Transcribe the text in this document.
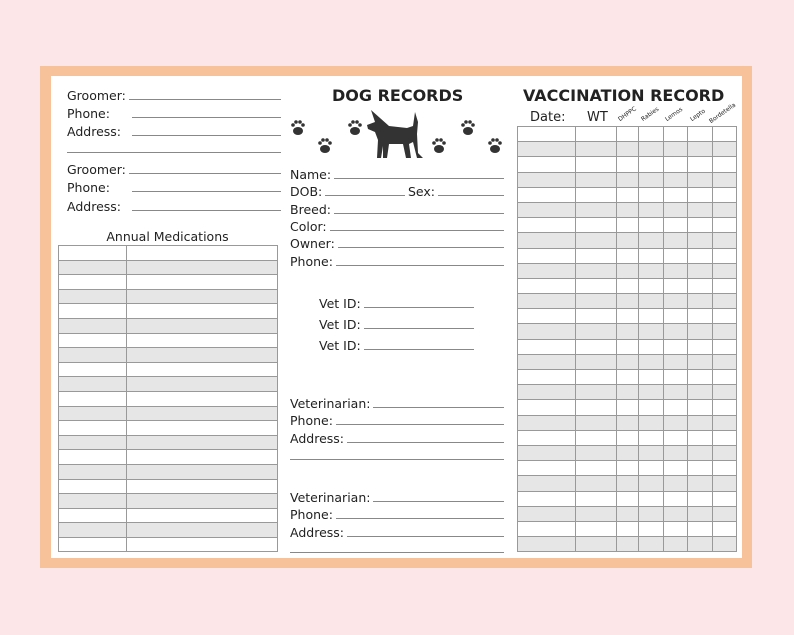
Groomer:
Phone:
Address:
Groomer:
Phone:
Address:
Annual Medications

DOG RECORDS
Name:
DOB:	Sex:
Breed:
Color:
Owner:
Phone:
Vet ID:
Vet ID:
Vet ID:
Veterinarian:
Phone:
Address:
Veterinarian:
Phone:
Address:
VACCINATION RECORD
Date: WT DHPPC Rabies Lemos Lepto Bordetella
